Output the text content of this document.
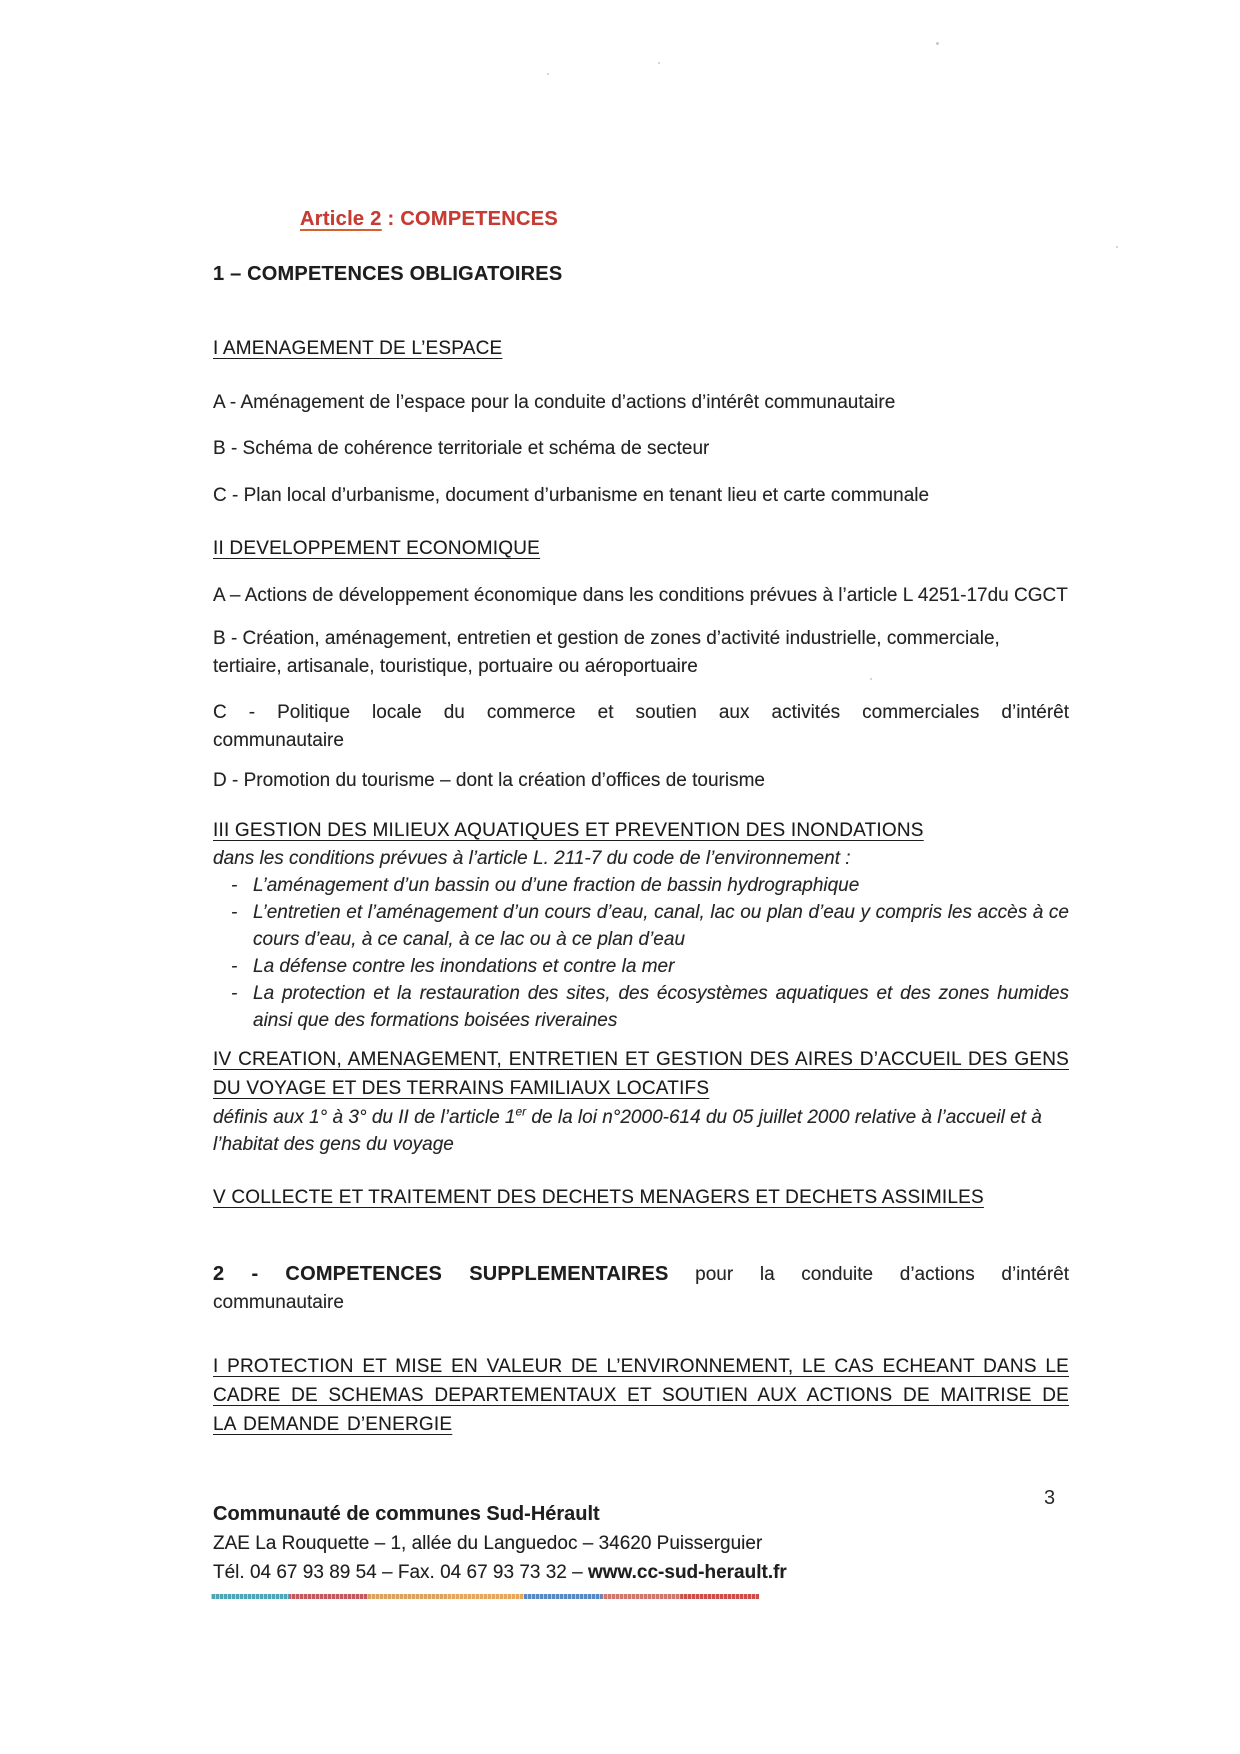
Article 2 : COMPETENCES
1 – COMPETENCES OBLIGATOIRES
I AMENAGEMENT DE L’ESPACE
A - Aménagement de l’espace pour la conduite d’actions d’intérêt communautaire
B - Schéma de cohérence territoriale et schéma de secteur
C - Plan local d’urbanisme, document d’urbanisme en tenant lieu et carte communale
II DEVELOPPEMENT ECONOMIQUE
A – Actions de développement économique dans les conditions prévues à l’article L 4251-17du CGCT
B - Création, aménagement, entretien et gestion de zones d’activité industrielle, commerciale, tertiaire, artisanale, touristique, portuaire ou aéroportuaire
C - Politique locale du commerce et soutien aux activités commerciales d’intérêt communautaire
D - Promotion du tourisme – dont la création d’offices de tourisme
III GESTION DES MILIEUX AQUATIQUES ET PREVENTION DES INONDATIONS
dans les conditions prévues à l’article L. 211-7 du code de l’environnement :
- L’aménagement d’un bassin ou d’une fraction de bassin hydrographique
- L’entretien et l’aménagement d’un cours d’eau, canal, lac ou plan d’eau y compris les accès à ce cours d’eau, à ce canal, à ce lac ou à ce plan d’eau
- La défense contre les inondations et contre la mer
- La protection et la restauration des sites, des écosystèmes aquatiques et des zones humides ainsi que des formations boisées riveraines
IV CREATION, AMENAGEMENT, ENTRETIEN ET GESTION DES AIRES D’ACCUEIL DES GENS DU VOYAGE ET DES TERRAINS FAMILIAUX LOCATIFS
définis aux 1° à 3° du II de l’article 1er de la loi n°2000-614 du 05 juillet 2000 relative à l’accueil et à l’habitat des gens du voyage
V COLLECTE ET TRAITEMENT DES DECHETS MENAGERS ET DECHETS ASSIMILES
2 - COMPETENCES SUPPLEMENTAIRES pour la conduite d’actions d’intérêt communautaire
I PROTECTION ET MISE EN VALEUR DE L’ENVIRONNEMENT, LE CAS ECHEANT DANS LE CADRE DE SCHEMAS DEPARTEMENTAUX ET SOUTIEN AUX ACTIONS DE MAITRISE DE LA DEMANDE D’ENERGIE
3
Communauté de communes Sud-Hérault
ZAE La Rouquette – 1, allée du Languedoc – 34620 Puisserguier
Tél. 04 67 93 89 54 – Fax. 04 67 93 73 32 – www.cc-sud-herault.fr
